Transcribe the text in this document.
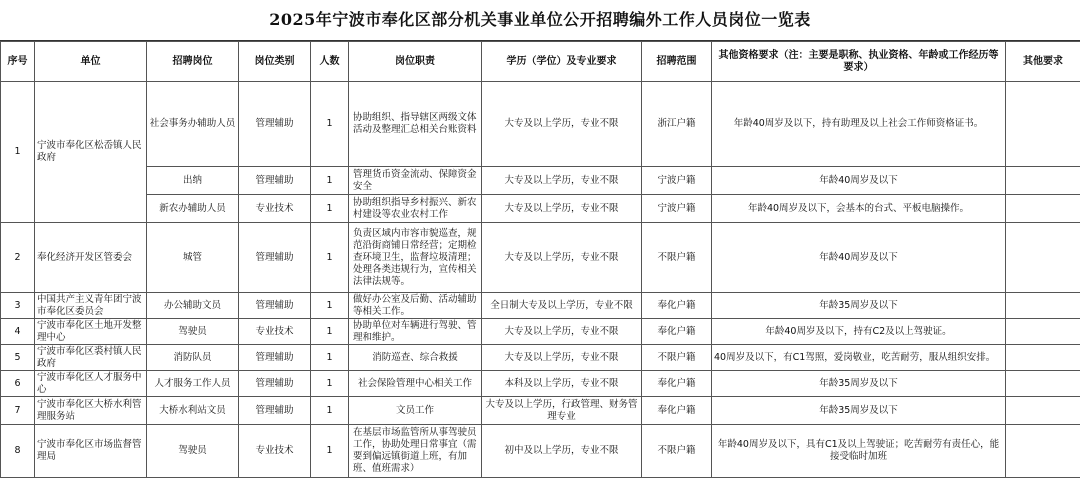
2025年宁波市奉化区部分机关事业单位公开招聘编外工作人员岗位一览表
序号	单位	招聘岗位	岗位类别	人数	岗位职责	学历（学位）及专业要求	招聘范围	其他资格要求（注：主要是职称、执业资格、年龄或工作经历等要求）	其他要求
1	宁波市奉化区松岙镇人民政府	社会事务办辅助人员	管理辅助	1	协助组织、指导辖区两级文体活动及整理汇总相关台账资料	大专及以上学历，专业不限	浙江户籍	年龄40周岁及以下，持有助理及以上社会工作师资格证书。	
		出纳	管理辅助	1	管理货币资金流动、保障资金安全	大专及以上学历，专业不限	宁波户籍	年龄40周岁及以下	
		新农办辅助人员	专业技术	1	协助组织指导乡村振兴、新农村建设等农业农村工作	大专及以上学历，专业不限	宁波户籍	年龄40周岁及以下，会基本的台式、平板电脑操作。	
2	奉化经济开发区管委会	城管	管理辅助	1	负责区域内市容市貌巡查，规范沿街商铺日常经营；定期检查环境卫生，监督垃圾清理；处理各类违规行为，宣传相关法律法规等。	大专及以上学历，专业不限	不限户籍	年龄40周岁及以下	
3	中国共产主义青年团宁波市奉化区委员会	办公辅助文员	管理辅助	1	做好办公室及后勤、活动辅助等相关工作。	全日制大专及以上学历，专业不限	奉化户籍	年龄35周岁及以下	
4	宁波市奉化区土地开发整理中心	驾驶员	专业技术	1	协助单位对车辆进行驾驶、管理和维护。	大专及以上学历，专业不限	奉化户籍	年龄40周岁及以下，持有C2及以上驾驶证。	
5	宁波市奉化区裘村镇人民政府	消防队员	管理辅助	1	消防巡查、综合救援	大专及以上学历，专业不限	不限户籍	40周岁及以下，有C1驾照，爱岗敬业，吃苦耐劳，服从组织安排。	
6	宁波市奉化区人才服务中心	人才服务工作人员	管理辅助	1	社会保险管理中心相关工作	本科及以上学历，专业不限	奉化户籍	年龄35周岁及以下	
7	宁波市奉化区大桥水利管理服务站	大桥水利站文员	管理辅助	1	文员工作	大专及以上学历，行政管理、财务管理专业	奉化户籍	年龄35周岁及以下	
8	宁波市奉化区市场监督管理局	驾驶员	专业技术	1	在基层市场监管所从事驾驶员工作，协助处理日常事宜（需要到偏远镇街道上班，有加班、值班需求）	初中及以上学历，专业不限	不限户籍	年龄40周岁及以下，具有C1及以上驾驶证；吃苦耐劳有责任心，能接受临时加班	
